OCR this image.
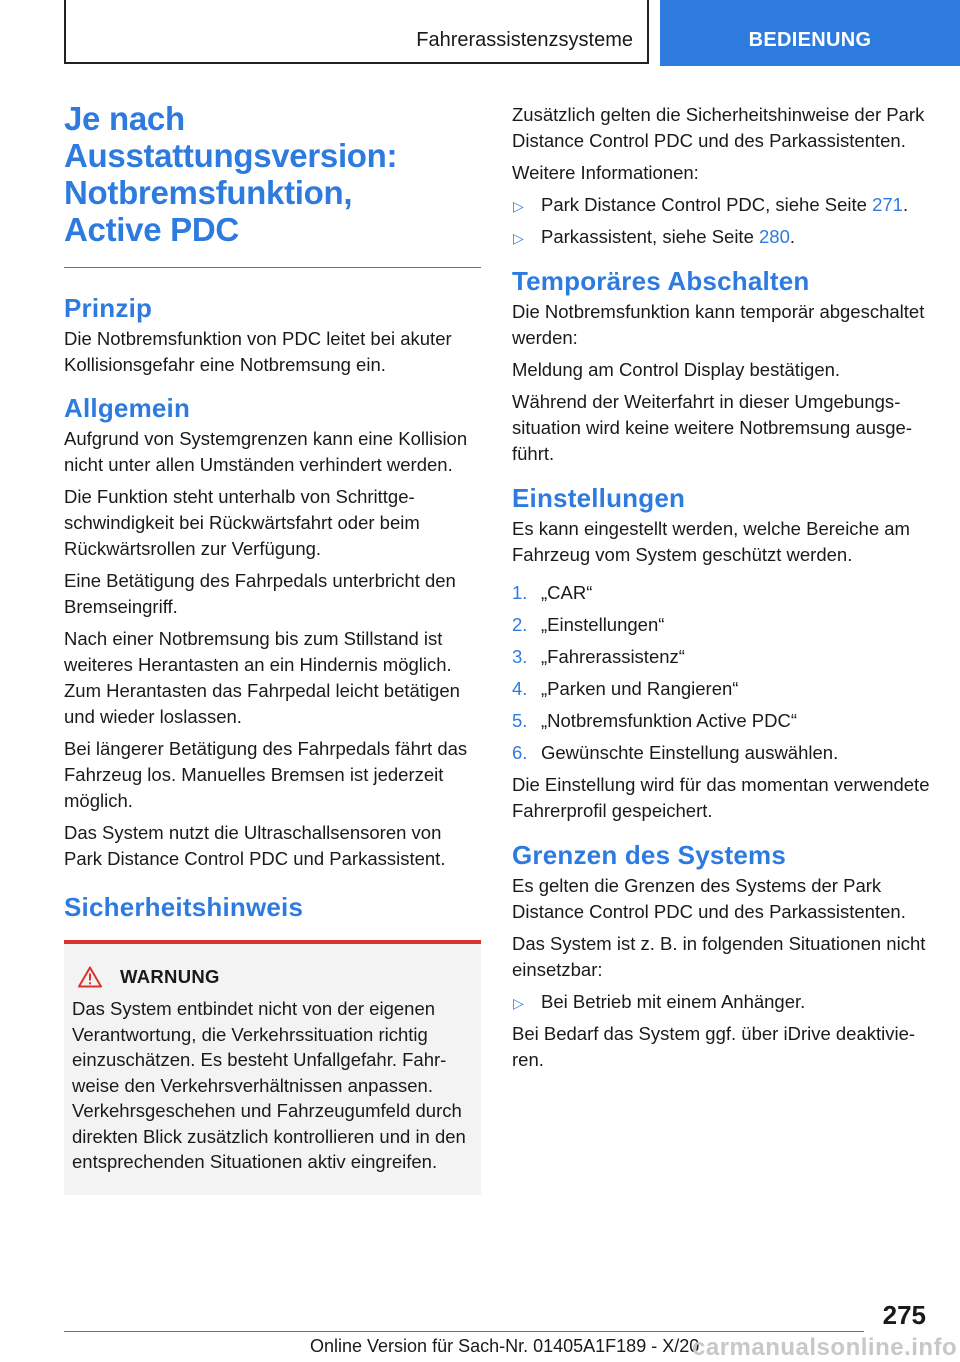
Fahrerassistenzsysteme	BEDIENUNG
Je nach
Ausstattungsversion:
Notbremsfunktion,
Active PDC
Prinzip

Die Notbremsfunktion von PDC leitet bei akuter Kollisionsgefahr eine Notbremsung ein.

Allgemein

Aufgrund von Systemgrenzen kann eine Kollision nicht unter allen Umständen verhindert werden.

Die Funktion steht unterhalb von Schrittgeschwindigkeit bei Rückwärtsfahrt oder beim Rückwärtsrollen zur Verfügung.

Eine Betätigung des Fahrpedals unterbricht den Bremseingriff.

Nach einer Notbremsung bis zum Stillstand ist weiteres Herantasten an ein Hindernis möglich. Zum Herantasten das Fahrpedal leicht betätigen und wieder loslassen.

Bei längerer Betätigung des Fahrpedals fährt das Fahrzeug los. Manuelles Bremsen ist jederzeit möglich.

Das System nutzt die Ultraschallsensoren von Park Distance Control PDC und Parkassistent.

Sicherheitshinweis
WARNUNG

Das System entbindet nicht von der eigenen Verantwortung, die Verkehrssituation richtig einzuschätzen. Es besteht Unfallgefahr. Fahrweise den Verkehrsverhältnissen anpassen. Verkehrsgeschehen und Fahrzeugumfeld durch direkten Blick zusätzlich kontrollieren und in den entsprechenden Situationen aktiv eingreifen.

Zusätzlich gelten die Sicherheitshinweise der Park Distance Control PDC und des Parkassistenten.

Weitere Informationen:

▷ Park Distance Control PDC, siehe Seite 271.
▷ Parkassistent, siehe Seite 280.
Temporäres Abschalten

Die Notbremsfunktion kann temporär abgeschaltet werden:

Meldung am Control Display bestätigen.

Während der Weiterfahrt in dieser Umgebungssituation wird keine weitere Notbremsung ausgeführt.

Einstellungen

Es kann eingestellt werden, welche Bereiche am Fahrzeug vom System geschützt werden.

1. „CAR“
2. „Einstellungen“
3. „Fahrerassistenz“
4. „Parken und Rangieren“
5. „Notbremsfunktion Active PDC“
6. Gewünschte Einstellung auswählen.

Die Einstellung wird für das momentan verwendete Fahrerprofil gespeichert.

Grenzen des Systems

Es gelten die Grenzen des Systems der Park Distance Control PDC und des Parkassistenten.

Das System ist z. B. in folgenden Situationen nicht einsetzbar:

▷ Bei Betrieb mit einem Anhänger.

Bei Bedarf das System ggf. über iDrive deaktivieren.

275
Online Version für Sach-Nr. 01405A1F189 - X/20
carmanualsonline.info
